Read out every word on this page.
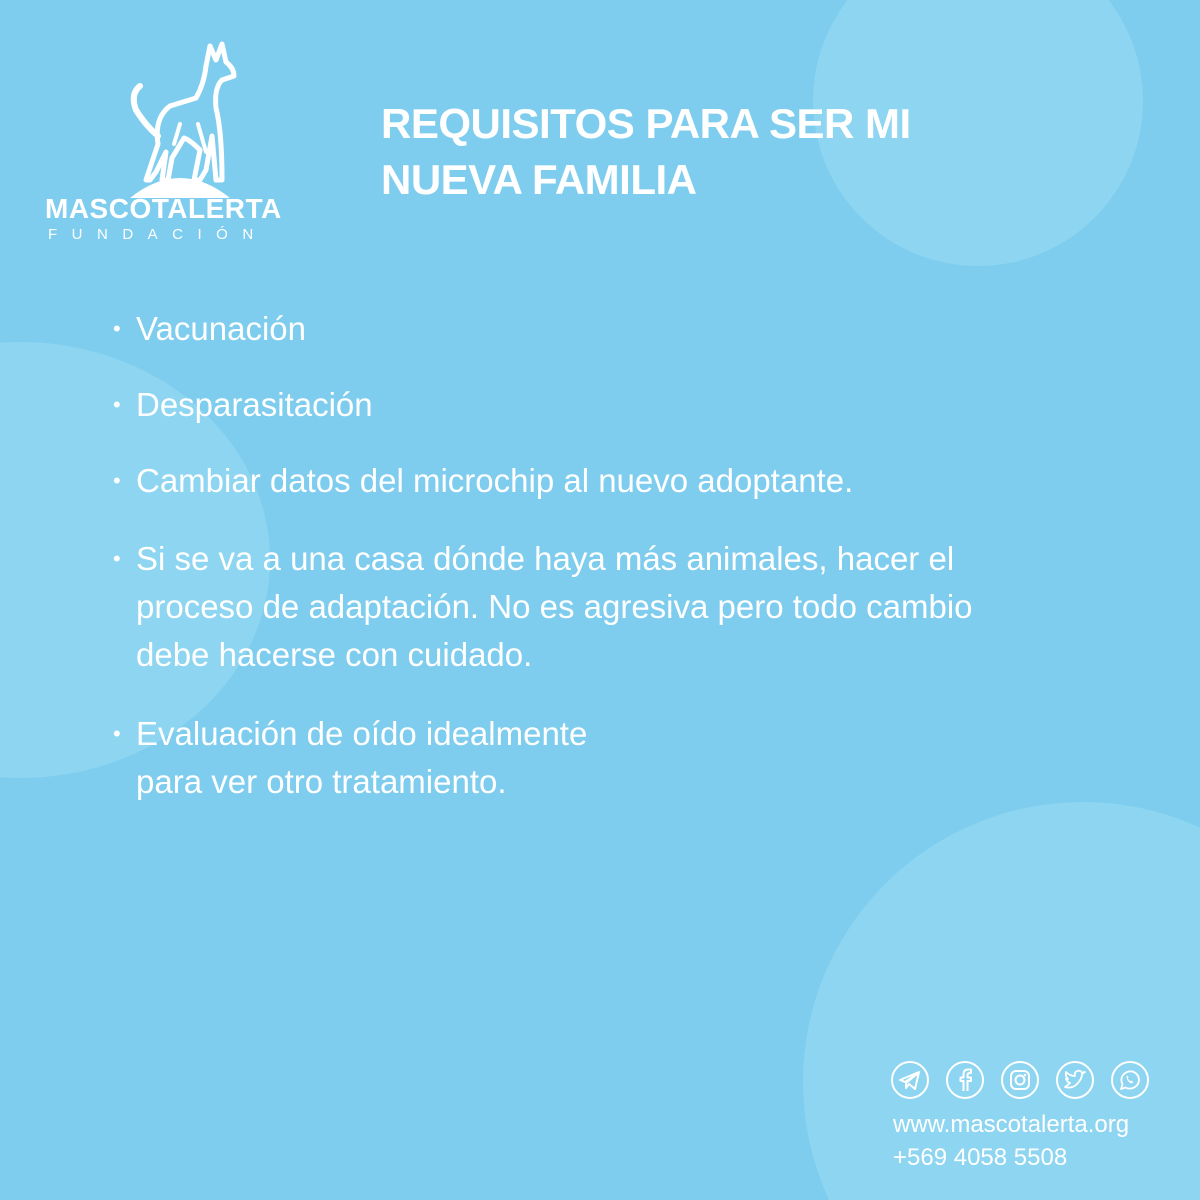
MASCOTALERTA
FUNDACIÓN
REQUISITOS PARA SER MI
NUEVA FAMILIA
• Vacunación
• Desparasitación
• Cambiar datos del microchip al nuevo adoptante.
• Si se va a una casa dónde haya más animales, hacer el
proceso de adaptación. No es agresiva pero todo cambio
debe hacerse con cuidado.
• Evaluación de oído idealmente
para ver otro tratamiento.
www.mascotalerta.org
+569 4058 5508
